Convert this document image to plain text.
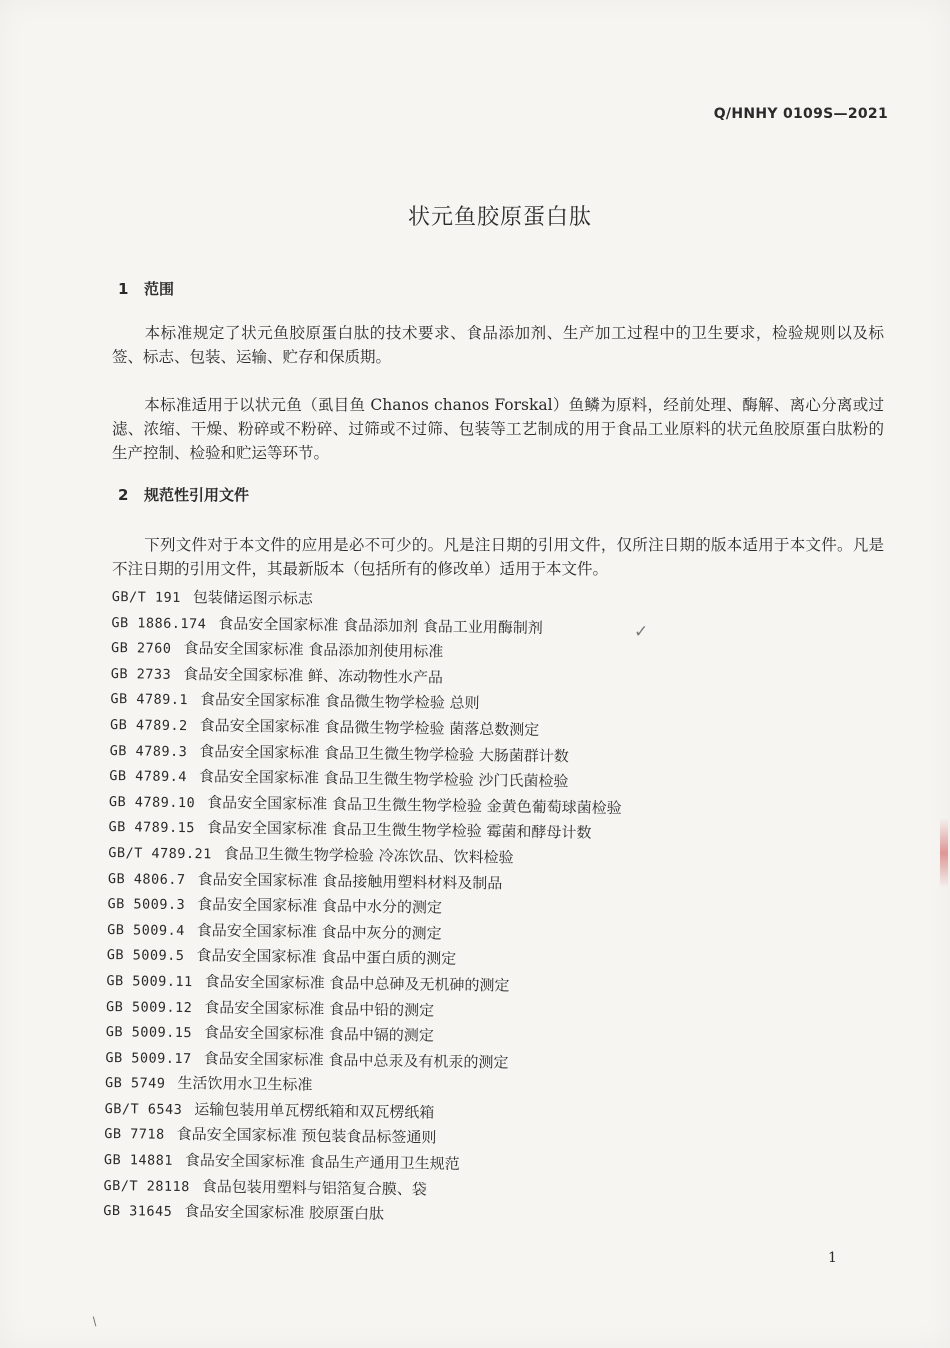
Q/HNHY 0109S—2021
状元鱼胶原蛋白肽
1 范围
本标准规定了状元鱼胶原蛋白肽的技术要求、食品添加剂、生产加工过程中的卫生要求，检验规则以及标签、标志、包装、运输、贮存和保质期。
本标准适用于以状元鱼（虱目鱼 Chanos chanos Forskal）鱼鳞为原料，经前处理、酶解、离心分离或过滤、浓缩、干燥、粉碎或不粉碎、过筛或不过筛、包装等工艺制成的用于食品工业原料的状元鱼胶原蛋白肽粉的生产控制、检验和贮运等环节。
2 规范性引用文件
下列文件对于本文件的应用是必不可少的。凡是注日期的引用文件，仅所注日期的版本适用于本文件。凡是不注日期的引用文件，其最新版本（包括所有的修改单）适用于本文件。
GB/T 191 包装储运图示标志
GB 1886.174 食品安全国家标准 食品添加剂 食品工业用酶制剂
GB 2760 食品安全国家标准 食品添加剂使用标准
GB 2733 食品安全国家标准 鲜、冻动物性水产品
GB 4789.1 食品安全国家标准 食品微生物学检验 总则
GB 4789.2 食品安全国家标准 食品微生物学检验 菌落总数测定
GB 4789.3 食品安全国家标准 食品卫生微生物学检验 大肠菌群计数
GB 4789.4 食品安全国家标准 食品卫生微生物学检验 沙门氏菌检验
GB 4789.10 食品安全国家标准 食品卫生微生物学检验 金黄色葡萄球菌检验
GB 4789.15 食品安全国家标准 食品卫生微生物学检验 霉菌和酵母计数
GB/T 4789.21 食品卫生微生物学检验 冷冻饮品、饮料检验
GB 4806.7 食品安全国家标准 食品接触用塑料材料及制品
GB 5009.3 食品安全国家标准 食品中水分的测定
GB 5009.4 食品安全国家标准 食品中灰分的测定
GB 5009.5 食品安全国家标准 食品中蛋白质的测定
GB 5009.11 食品安全国家标准 食品中总砷及无机砷的测定
GB 5009.12 食品安全国家标准 食品中铅的测定
GB 5009.15 食品安全国家标准 食品中镉的测定
GB 5009.17 食品安全国家标准 食品中总汞及有机汞的测定
GB 5749 生活饮用水卫生标准
GB/T 6543 运输包装用单瓦楞纸箱和双瓦楞纸箱
GB 7718 食品安全国家标准 预包装食品标签通则
GB 14881 食品安全国家标准 食品生产通用卫生规范
GB/T 28118 食品包装用塑料与铝箔复合膜、袋
GB 31645 食品安全国家标准 胶原蛋白肽
✓
1
